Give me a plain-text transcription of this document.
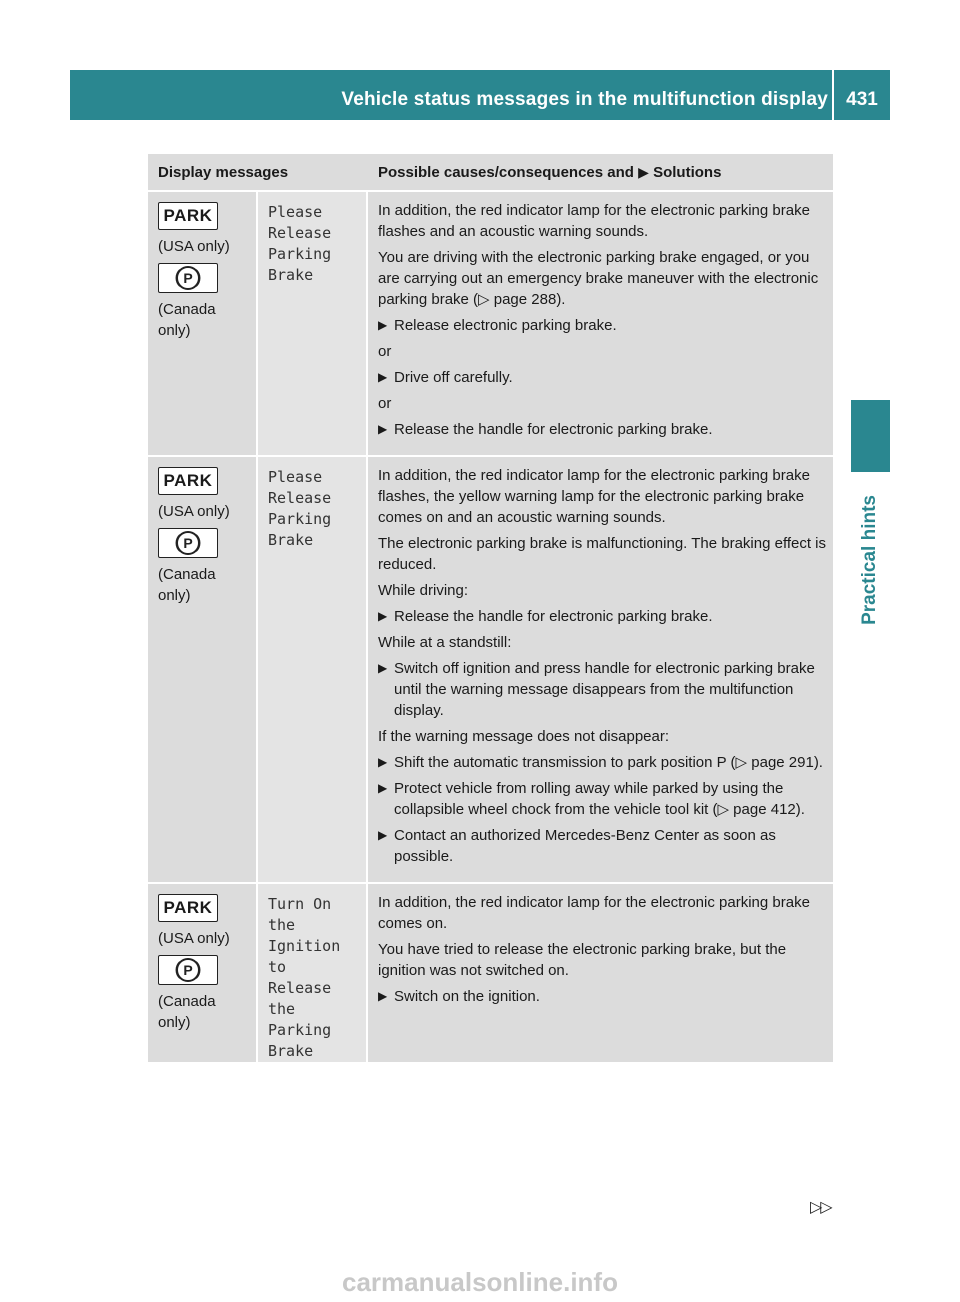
Vehicle status messages in the multifunction display 431
Practical hints
Display messages	Possible causes/consequences and ▶ Solutions
PARK
(USA only)
P
(Canada only)
Please
Release
Parking
Brake
In addition, the red indicator lamp for the electronic parking brake flashes and an acoustic warning sounds.
You are driving with the electronic parking brake engaged, or you are carrying out an emergency brake maneuver with the electronic parking brake (▷ page 288).
▶ Release electronic parking brake.
or
▶ Drive off carefully.
or
▶ Release the handle for electronic parking brake.
PARK
(USA only)
P
(Canada only)
Please
Release
Parking
Brake
In addition, the red indicator lamp for the electronic parking brake flashes, the yellow warning lamp for the electronic parking brake comes on and an acoustic warning sounds.
The electronic parking brake is malfunctioning. The braking effect is reduced.
While driving:
▶ Release the handle for electronic parking brake.
While at a standstill:
▶ Switch off ignition and press handle for electronic parking brake until the warning message disappears from the multifunction display.
If the warning message does not disappear:
▶ Shift the automatic transmission to park position P (▷ page 291).
▶ Protect vehicle from rolling away while parked by using the collapsible wheel chock from the vehicle tool kit (▷ page 412).
▶ Contact an authorized Mercedes-Benz Center as soon as possible.
PARK
(USA only)
P
(Canada only)
Turn On
the
Ignition
to
Release
the
Parking
Brake
In addition, the red indicator lamp for the electronic parking brake comes on.
You have tried to release the electronic parking brake, but the ignition was not switched on.
▶ Switch on the ignition.
▷▷
carmanualsonline.info
